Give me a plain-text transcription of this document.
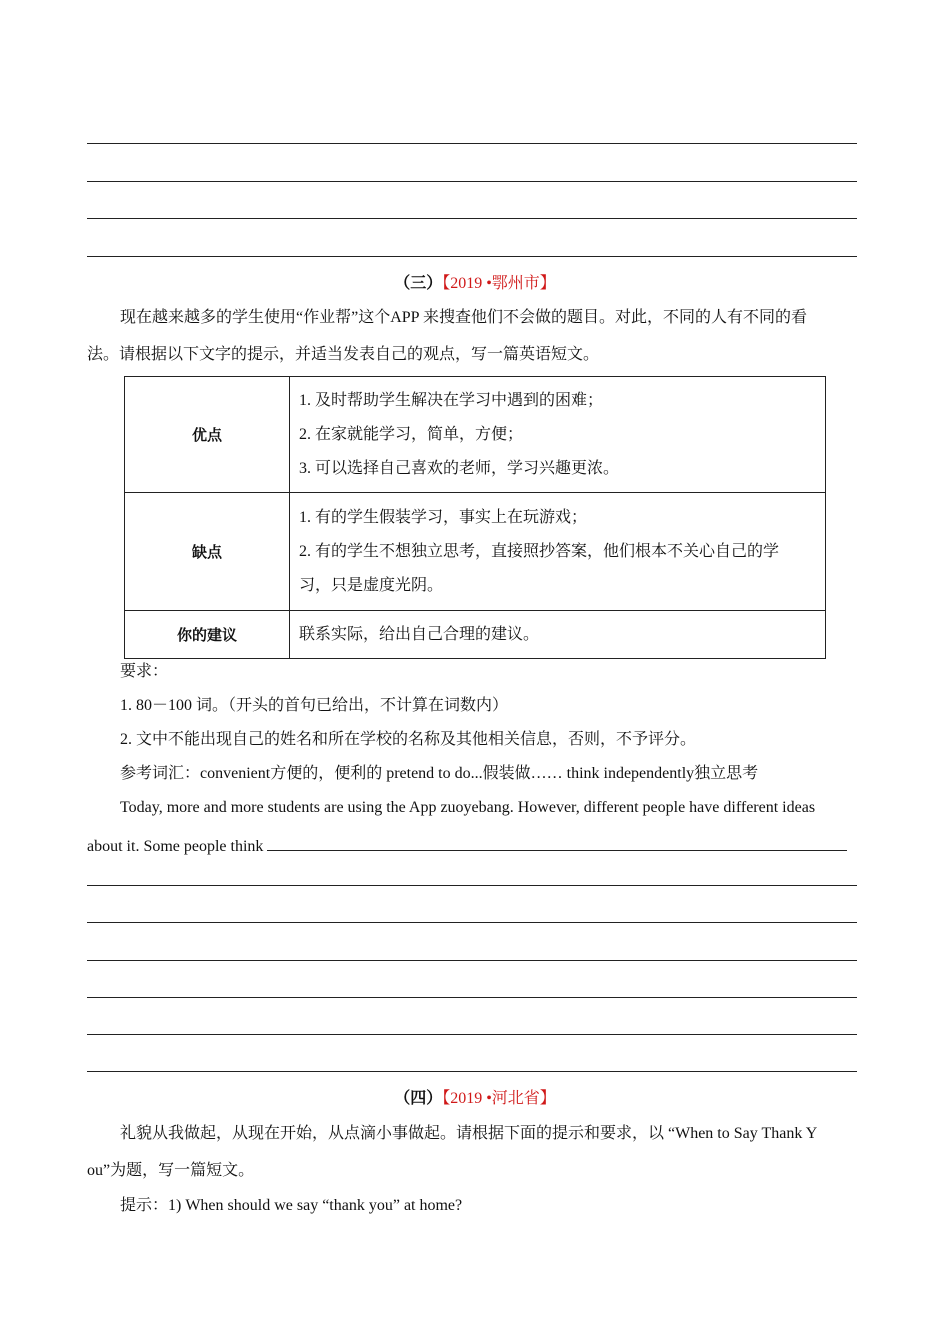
（三）【2019 •鄂州市】
现在越来越多的学生使用“作业帮”这个APP 来搜查他们不会做的题目。对此，不同的人有不同的看
法。请根据以下文字的提示，并适当发表自己的观点，写一篇英语短文。
优点	1. 及时帮助学生解决在学习中遇到的困难；
2. 在家就能学习，简单，方便；
3. 可以选择自己喜欢的老师，学习兴趣更浓。

缺点	1. 有的学生假装学习，事实上在玩游戏；
2. 有的学生不想独立思考，直接照抄答案，他们根本不关心自己的学
习，只是虚度光阴。

你的建议	联系实际，给出自己合理的建议。
要求：
1. 80－100 词。（开头的首句已给出，不计算在词数内）
2. 文中不能出现自己的姓名和所在学校的名称及其他相关信息，否则，不予评分。
参考词汇：convenient方便的，便利的 pretend to do...假装做…… think independently独立思考
Today, more and more students are using the App zuoyebang. However, different people have different ideas
about it. Some people think
（四）【2019 •河北省】
礼貌从我做起，从现在开始，从点滴小事做起。请根据下面的提示和要求，以 “When to Say Thank Y
ou”为题，写一篇短文。
提示：1) When should we say “thank you” at home?
